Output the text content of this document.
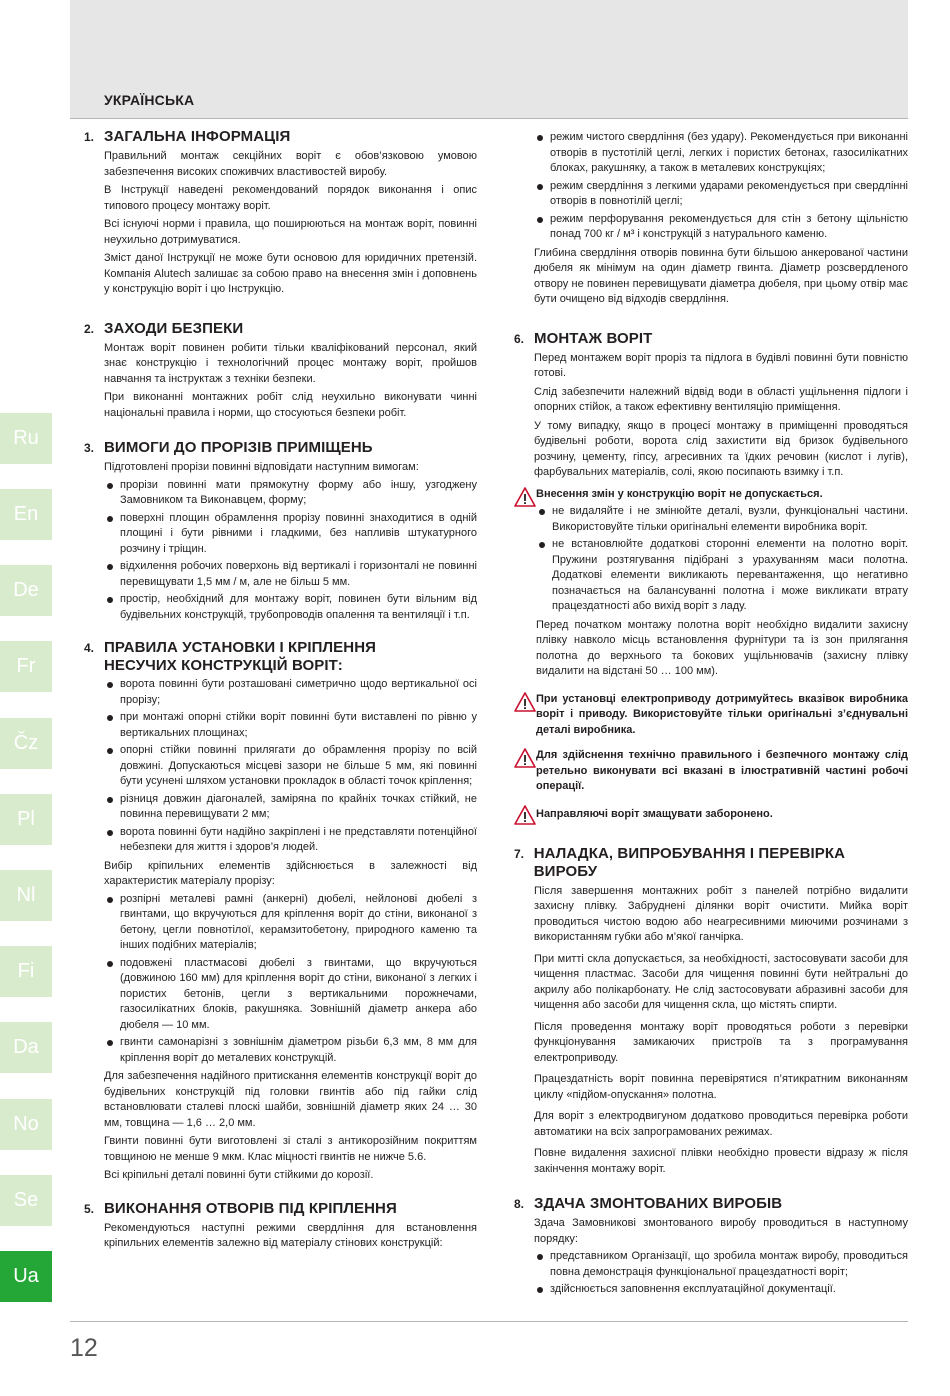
УКРАЇНСЬКА
Ru
En
De
Fr
Čz
Pl
Nl
Fi
Da
No
Se
Ua
1. ЗАГАЛЬНА ІНФОРМАЦІЯ

Правильний монтаж секційних воріт є обов’язковою умовою забезпечення високих споживчих властивостей виробу.

В Інструкції наведені рекомендований порядок виконання і опис типового процесу монтажу воріт.

Всі існуючі норми і правила, що поширюються на монтаж воріт, повинні неухильно дотримуватися.

Зміст даної Інструкції не може бути основою для юридичних претензій. Компанія Alutech залишає за собою право на внесення змін і доповнень у конструкцію воріт і цю Інструкцію.

2. ЗАХОДИ БЕЗПЕКИ

Монтаж воріт повинен робити тільки кваліфікований персонал, який знає конструкцію і технологічний процес монтажу воріт, пройшов навчання та інструктаж з техніки безпеки.

При виконанні монтажних робіт слід неухильно виконувати чинні національні правила і норми, що стосуються безпеки робіт.

3. ВИМОГИ ДО ПРОРІЗІВ ПРИМІЩЕНЬ

Підготовлені прорізи повинні відповідати наступним вимогам:

прорізи повинні мати прямокутну форму або іншу, узгоджену Замовником та Виконавцем, форму;
поверхні площин обрамлення прорізу повинні знаходитися в одній площині і бути рівними і гладкими, без напливів штукатурного розчину і тріщин.
відхилення робочих поверхонь від вертикалі і горизонталі не повинні перевищувати 1,5 мм / м, але не більш 5 мм.
простір, необхідний для монтажу воріт, повинен бути вільним від будівельних конструкцій, трубопроводів опалення та вентиляції і т.п.
4. ПРАВИЛА УСТАНОВКИ І КРІПЛЕННЯ
НЕСУЧИХ КОНСТРУКЦІЙ ВОРІТ:
ворота повинні бути розташовані симетрично щодо вертикальної осі прорізу;
при монтажі опорні стійки воріт повинні бути виставлені по рівню у вертикальних площинах;
опорні стійки повинні прилягати до обрамлення прорізу по всій довжині. Допускаються місцеві зазори не більше 5 мм, які повинні бути усунені шляхом установки прокладок в області точок кріплення;
різниця довжин діагоналей, заміряна по крайніх точках стійкий, не повинна перевищувати 2 мм;
ворота повинні бути надійно закріплені і не представляти потенційної небезпеки для життя і здоров’я людей.

Вибір кріпильних елементів здійснюється в залежності від характеристик матеріалу прорізу:

розпірні металеві рамні (анкерні) дюбелі, нейлонові дюбелі з гвинтами, що вкручуються для кріплення воріт до стіни, виконаної з бетону, цегли повнотілої, керамзитобетону, природного каменю та інших подібних матеріалів;
подовжені пластмасові дюбелі з гвинтами, що вкручуються (довжиною 160 мм) для кріплення воріт до стіни, виконаної з легких і пористих бетонів, цегли з вертикальними порожнечами, газосилікатних блоків, ракушняка. Зовнішній діаметр анкера або дюбеля — 10 мм.
гвинти самонарізні з зовнішнім діаметром різьби 6,3 мм, 8 мм для кріплення воріт до металевих конструкцій.

Для забезпечення надійного притискання елементів конструкції воріт до будівельних конструкцій під головки гвинтів або під гайки слід встановлювати сталеві плоскі шайби, зовнішній діаметр яких 24 … 30 мм, товщина — 1,6 … 2,0 мм.

Гвинти повинні бути виготовлені зі сталі з антикорозійним покриттям товщиною не менше 9 мкм. Клас міцності гвинтів не нижче 5.6.

Всі кріпильні деталі повинні бути стійкими до корозії.

5. ВИКОНАННЯ ОТВОРІВ ПІД КРІПЛЕННЯ

Рекомендуються наступні режими свердління для встановлення кріпильних елементів залежно від матеріалу стінових конструкцій:

режим чистого свердління (без удару). Рекомендується при виконанні отворів в пустотілій цеглі, легких і пористих бетонах, газосилікатних блоках, ракушняку, а також в металевих конструкціях;
режим свердління з легкими ударами рекомендується при свердлінні отворів в повнотілій цеглі;
режим перфорування рекомендується для стін з бетону щільністю понад 700 кг / м³ і конструкцій з натурального каменю.

Глибина свердління отворів повинна бути більшою анкерованої частини дюбеля як мінімум на один діаметр гвинта. Діаметр розсвердленого отвору не повинен перевищувати діаметра дюбеля, при цьому отвір має бути очищено від відходів свердління.

6. МОНТАЖ ВОРІТ

Перед монтажем воріт проріз та підлога в будівлі повинні бути повністю готові.

Слід забезпечити належний відвід води в області ущільнення підлоги і опорних стійок, а також ефективну вентиляцію приміщення.

У тому випадку, якщо в процесі монтажу в приміщенні проводяться будівельні роботи, ворота слід захистити від бризок будівельного розчину, цементу, гіпсу, агресивних та їдких речовин (кислот і лугів), фарбувальних матеріалів, солі, якою посипають взимку і т.п.

Внесення змін у конструкцію воріт не допускається.
не видаляйте і не змінюйте деталі, вузли, функціональні частини. Використовуйте тільки оригінальні елементи виробника воріт.
не встановлюйте додаткові сторонні елементи на полотно воріт. Пружини розтягування підібрані з урахуванням маси полотна. Додаткові елементи викликають перевантаження, що негативно позначається на балансуванні полотна і може викликати втрату працездатності або вихід воріт з ладу.

Перед початком монтажу полотна воріт необхідно видалити захисну плівку навколо місць встановлення фурнітури та із зон прилягання полотна до верхнього та бокових ущільнювачів (захисну плівку видалити на відстані 50 … 100 мм).

При установці електроприводу дотримуйтесь вказівок виробника воріт і приводу. Використовуйте тільки оригінальні з’єднувальні деталі виробника.
Для здійснення технічно правильного і безпечного монтажу слід ретельно виконувати всі вказані в ілюстративній частині робочі операції.
Направляючі воріт змащувати заборонено.
7. НАЛАДКА, ВИПРОБУВАННЯ І ПЕРЕВІРКА ВИРОБУ

Після завершення монтажних робіт з панелей потрібно видалити захисну плівку. Забруднені ділянки воріт очистити. Мийка воріт проводиться чистою водою або неагресивними миючими розчинами з використанням губки або м’якої ганчірка.

При митті скла допускається, за необхідності, застосовувати засоби для чищення пластмас. Засоби для чищення повинні бути нейтральні до акрилу або полікарбонату. Не слід застосовувати абразивні засоби для чищення або засоби для чищення скла, що містять спирти.

Після проведення монтажу воріт проводяться роботи з перевірки функціонування замикаючих пристроїв та з програмування електроприводу.

Працездатність воріт повинна перевірятися п’ятикратним виконанням циклу «підйом-опускання» полотна.

Для воріт з електродвигуном додатково проводиться перевірка роботи автоматики на всіх запрограмованих режимах.

Повне видалення захисної плівки необхідно провести відразу ж після закінчення монтажу воріт.

8. ЗДАЧА ЗМОНТОВАНИХ ВИРОБІВ

Здача Замовникові змонтованого виробу проводиться в наступному порядку:

представником Організації, що зробила монтаж виробу, проводиться повна демонстрація функціональної працездатності воріт;
здійснюється заповнення експлуатаційної документації.
12
